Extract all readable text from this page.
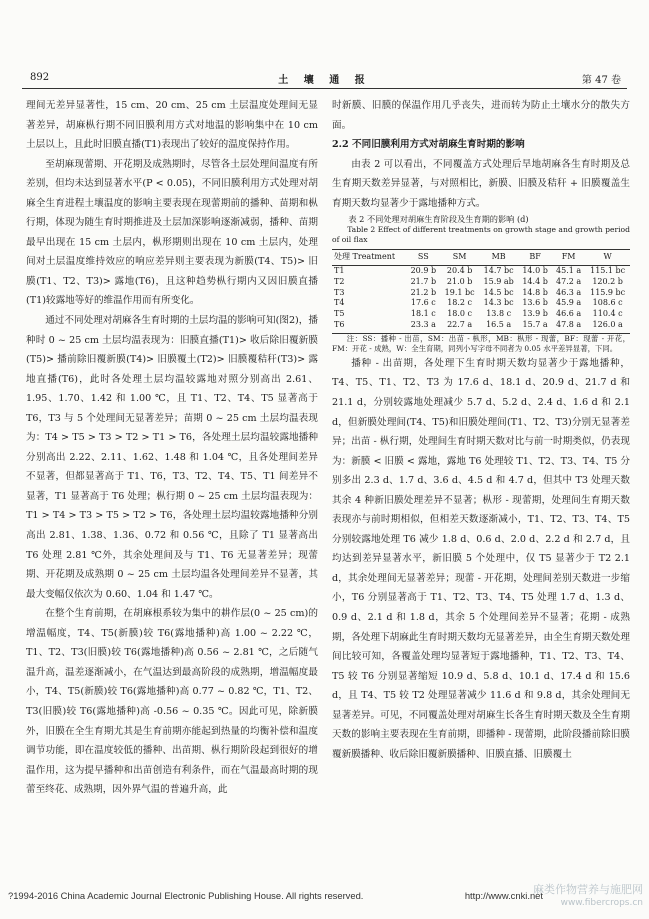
892	土 壤 通 报	第 47 卷

理间无差异显著性，15 cm、20 cm、25 cm 土层温度处理间无显著差异，胡麻枞行期不同旧膜利用方式对地温的影响集中在 10 cm 土层以上，且此时旧膜直播(T1)表现出了较好的温度保持作用。

至胡麻现蕾期、开花期及成熟期时，尽管各土层处理间温度有所差别，但均未达到显著水平(P < 0.05)，不同旧膜利用方式处理对胡麻全生育进程土壤温度的影响主要表现在现蕾期前的播种、苗期和枞行期，体现为随生育时期推进及土层加深影响逐渐减弱，播种、苗期最早出现在 15 cm 土层内，枞形期则出现在 10 cm 土层内，处理间对土层温度维持效应的响应差异则主要表现为新膜(T4、T5)> 旧膜(T1、T2、T3)> 露地(T6)，且这种趋势枞行期内又因旧膜直播(T1)较露地等好的维温作用而有所变化。

通过不同处理对胡麻各生育时期的土层均温的影响可知(图2)，播种时 0 ~ 25 cm 土层均温表现为：旧膜直播(T1)> 收后除旧覆新膜(T5)> 播前除旧覆新膜(T4)> 旧膜覆土(T2)> 旧膜覆秸秆(T3)> 露地直播(T6)，此时各处理土层均温较露地对照分别高出 2.61、1.95、1.70、1.42 和 1.00 ℃，且 T1、T2、T4、T5 显著高于 T6，T3 与 5 个处理间无显著差异；苗期 0 ~ 25 cm 土层均温表现为：T4 > T5 > T3 > T2 > T1 > T6，各处理土层均温较露地播种分别高出 2.22、2.11、1.62、1.48 和 1.04 ℃，且各处理间差异不显著，但都显著高于 T1、T6，T3、T2、T4、T5、T1 间差异不显著，T1 显著高于 T6 处理；枞行期 0 ~ 25 cm 土层均温表现为：T1 > T4 > T3 > T5 > T2 > T6，各处理土层均温较露地播种分别高出 2.81、1.38、1.36、0.72 和 0.56 ℃，且除了 T1 显著高出 T6 处理 2.81 ℃外，其余处理间及与 T1、T6 无显著差异；现蕾期、开花期及成熟期 0 ~ 25 cm 土层均温各处理间差异不显著，其最大变幅仅依次为 0.60、1.04 和 1.47 ℃。

在整个生育前期，在胡麻根系较为集中的耕作层(0 ~ 25 cm)的增温幅度，T4、T5(新膜)较 T6(露地播种)高 1.00 ~ 2.22 ℃，T1、T2、T3(旧膜)较 T6(露地播种)高 0.56 ~ 2.81 ℃，之后随气温升高，温差逐渐减小，在气温达到最高阶段的成熟期，增温幅度最小，T4、T5(新膜)较 T6(露地播种)高 0.77 ~ 0.82 ℃，T1、T2、T3(旧膜)较 T6(露地播种)高 -0.56 ~ 0.35 ℃。因此可见，除新膜外，旧膜在全生育期尤其是生育前期亦能起到热量的均衡补偿和温度调节功能，即在温度较低的播种、出苗期、枞行期阶段起到很好的增温作用，这为提早播种和出苗创造有利条件，而在气温最高时期的现蕾至终花、成熟期，因外界气温的普遍升高，此

时新膜、旧膜的保温作用几乎丧失，进而转为防止土壤水分的散失方面。

2.2 不同旧膜利用方式对胡麻生育时期的影响

由表 2 可以看出，不同覆盖方式处理后旱地胡麻各生育时期及总生育期天数差异显著，与对照相比，新膜、旧膜及秸秆 + 旧膜覆盖生育期天数均显著少于露地播种方式。

表 2 不同处理对胡麻生育阶段及生育期的影响 (d)

Table 2 Effect of different treatments on growth stage and growth period of oil flax

处理 Treatment	SS	SM	MB	BF	FM	W
T1	20.9 b	20.4 b	14.7 bc	14.0 b	45.1 a	115.1 bc
T2	21.7 b	21.0 b	15.9 ab	14.4 b	47.2 a	120.2 b
T3	21.2 b	19.1 bc	14.5 bc	14.8 b	46.3 a	115.9 bc
T4	17.6 c	18.2 c	14.3 bc	13.6 b	45.9 a	108.6 c
T5	18.1 c	18.0 c	13.8 c	13.9 b	46.6 a	110.4 c
T6	23.3 a	22.7 a	16.5 a	15.7 a	47.8 a	126.0 a

注：SS：播种 - 出苗，SM：出苗 - 枞形，MB：枞形 - 现蕾，BF：现蕾 - 开花，FM：开花 - 成熟，W：全生育期，同列小写字母不同者为 0.05 水平差异显著，下同。

播种 - 出苗期，各处理下生育时期天数均显著少于露地播种，T4、T5、T1、T2、T3 为 17.6 d、18.1 d、20.9 d、21.7 d 和 21.1 d，分别较露地处理减少 5.7 d、5.2 d、2.4 d、1.6 d 和 2.1 d，但新膜处理间(T4、T5)和旧膜处理间(T1、T2、T3)分别无显著差异；出苗 - 枞行期，处理间生育时期天数对比与前一时期类似，仍表现为：新膜 < 旧膜 < 露地，露地 T6 处理较 T1、T2、T3、T4、T5 分别多出 2.3 d、1.7 d、3.6 d、4.5 d 和 4.7 d，但其中 T3 处理天数其余 4 种新旧膜处理差异不显著；枞形 - 现蕾期，处理间生育期天数表现亦与前时期相似，但相差天数逐渐减小，T1、T2、T3、T4、T5 分别较露地处理 T6 减少 1.8 d、0.6 d、2.0 d、2.2 d 和 2.7 d，且均达到差异显著水平，新旧膜 5 个处理中，仅 T5 显著少于 T2 2.1 d，其余处理间无显著差异；现蕾 - 开花期，处理间差别天数进一步缩小，T6 分别显著高于 T1、T2、T3、T4、T5 处理 1.7 d、1.3 d、0.9 d、2.1 d 和 1.8 d，其余 5 个处理间差异不显著；花期 - 成熟期，各处理下胡麻此生育时期天数均无显著差异，由全生育期天数处理间比较可知，各覆盖处理均显著短于露地播种，T1、T2、T3、T4、T5 较 T6 分别显著缩短 10.9 d、5.8 d、10.1 d、17.4 d 和 15.6 d，且 T4、T5 较 T2 处理显著减少 11.6 d 和 9.8 d，其余处理间无显著差异。可见，不同覆盖处理对胡麻生长各生育时期天数及全生育期天数的影响主要表现在生育前期，即播种 - 现蕾期，此阶段播前除旧膜覆新膜播种、收后除旧覆新膜播种、旧膜直播、旧膜覆土

?1994-2016 China Academic Journal Electronic Publishing House. All rights reserved.	http://www.cnki.net
麻类作物营养与施肥网
www.fibercrops.cn
